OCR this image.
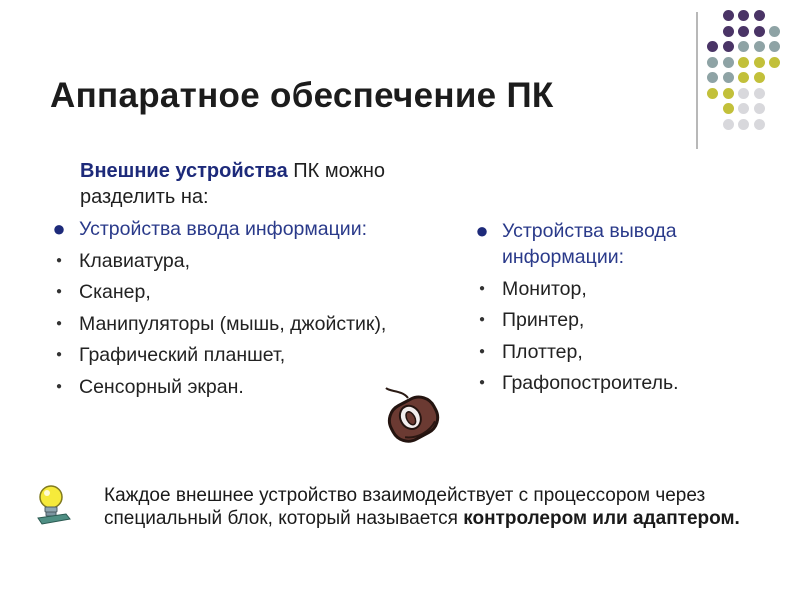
Аппаратное обеспечение ПК
Внешние устройства ПК можно разделить на:
● Устройства ввода информации:
● Клавиатура,
● Сканер,
● Манипуляторы (мышь, джойстик),
● Графический планшет,
● Сенсорный экран.
● Устройства вывода информации:
● Монитор,
● Принтер,
● Плоттер,
● Графопостроитель.
Каждое внешнее устройство взаимодействует с процессором через специальный блок, который называется контролером или адаптером.
